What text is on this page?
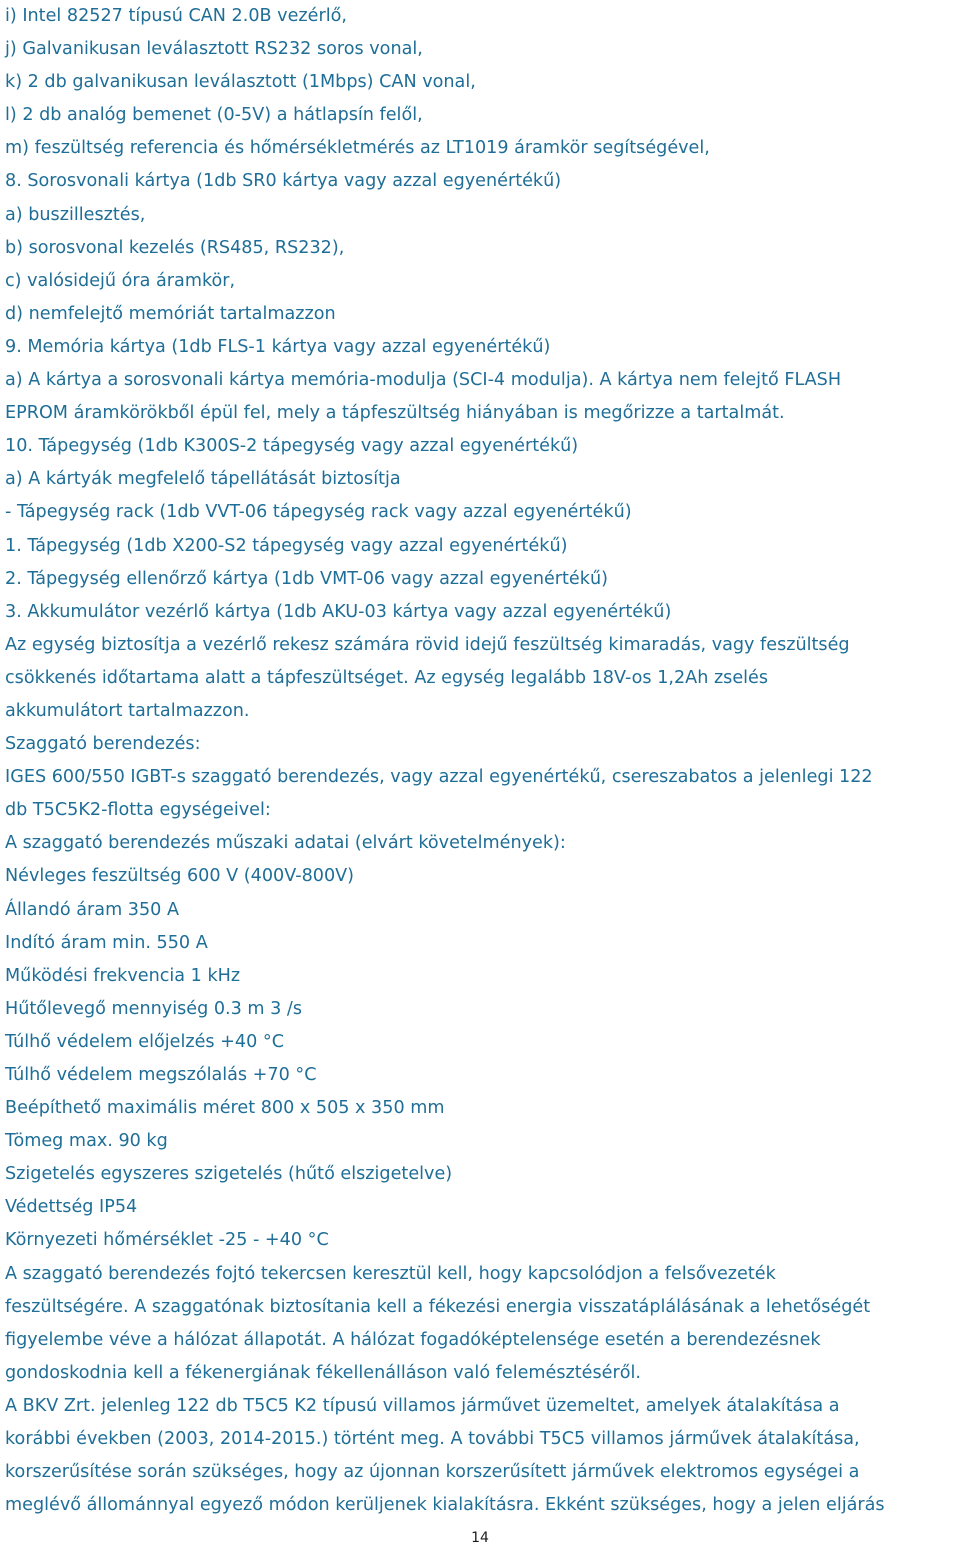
i) Intel 82527 típusú CAN 2.0B vezérlő,
j) Galvanikusan leválasztott RS232 soros vonal,
k) 2 db galvanikusan leválasztott (1Mbps) CAN vonal,
l) 2 db analóg bemenet (0-5V) a hátlapsín felől,
m) feszültség referencia és hőmérsékletmérés az LT1019 áramkör segítségével,
8. Sorosvonali kártya (1db SR0 kártya vagy azzal egyenértékű)
a) buszillesztés,
b) sorosvonal kezelés (RS485, RS232),
c) valósidejű óra áramkör,
d) nemfelejtő memóriát tartalmazzon
9. Memória kártya (1db FLS-1 kártya vagy azzal egyenértékű)
a) A kártya a sorosvonali kártya memória-modulja (SCI-4 modulja). A kártya nem felejtő FLASH
EPROM áramkörökből épül fel, mely a tápfeszültség hiányában is megőrizze a tartalmát.
10. Tápegység (1db K300S-2 tápegység vagy azzal egyenértékű)
a) A kártyák megfelelő tápellátását biztosítja
- Tápegység rack (1db VVT-06 tápegység rack vagy azzal egyenértékű)
1. Tápegység (1db X200-S2 tápegység vagy azzal egyenértékű)
2. Tápegység ellenőrző kártya (1db VMT-06 vagy azzal egyenértékű)
3. Akkumulátor vezérlő kártya (1db AKU-03 kártya vagy azzal egyenértékű)
Az egység biztosítja a vezérlő rekesz számára rövid idejű feszültség kimaradás, vagy feszültség
csökkenés időtartama alatt a tápfeszültséget. Az egység legalább 18V-os 1,2Ah zselés
akkumulátort tartalmazzon.
Szaggató berendezés:
IGES 600/550 IGBT-s szaggató berendezés, vagy azzal egyenértékű, csereszabatos a jelenlegi 122
db T5C5K2-flotta egységeivel:
A szaggató berendezés műszaki adatai (elvárt követelmények):
Névleges feszültség 600 V (400V-800V)
Állandó áram 350 A
Indító áram min. 550 A
Működési frekvencia 1 kHz
Hűtőlevegő mennyiség 0.3 m 3 /s
Túlhő védelem előjelzés +40 °C
Túlhő védelem megszólalás +70 °C
Beépíthető maximális méret 800 x 505 x 350 mm
Tömeg max. 90 kg
Szigetelés egyszeres szigetelés (hűtő elszigetelve)
Védettség IP54
Környezeti hőmérséklet -25 - +40 °C
A szaggató berendezés fojtó tekercsen keresztül kell, hogy kapcsolódjon a felsővezeték
feszültségére. A szaggatónak biztosítania kell a fékezési energia visszatáplálásának a lehetőségét
figyelembe véve a hálózat állapotát. A hálózat fogadóképtelensége esetén a berendezésnek
gondoskodnia kell a fékenergiának fékellenálláson való felemésztéséről.
A BKV Zrt. jelenleg 122 db T5C5 K2 típusú villamos járművet üzemeltet, amelyek átalakítása a
korábbi években (2003, 2014-2015.) történt meg. A további T5C5 villamos járművek átalakítása,
korszerűsítése során szükséges, hogy az újonnan korszerűsített járművek elektromos egységei a
meglévő állománnyal egyező módon kerüljenek kialakításra. Ekként szükséges, hogy a jelen eljárás
14
